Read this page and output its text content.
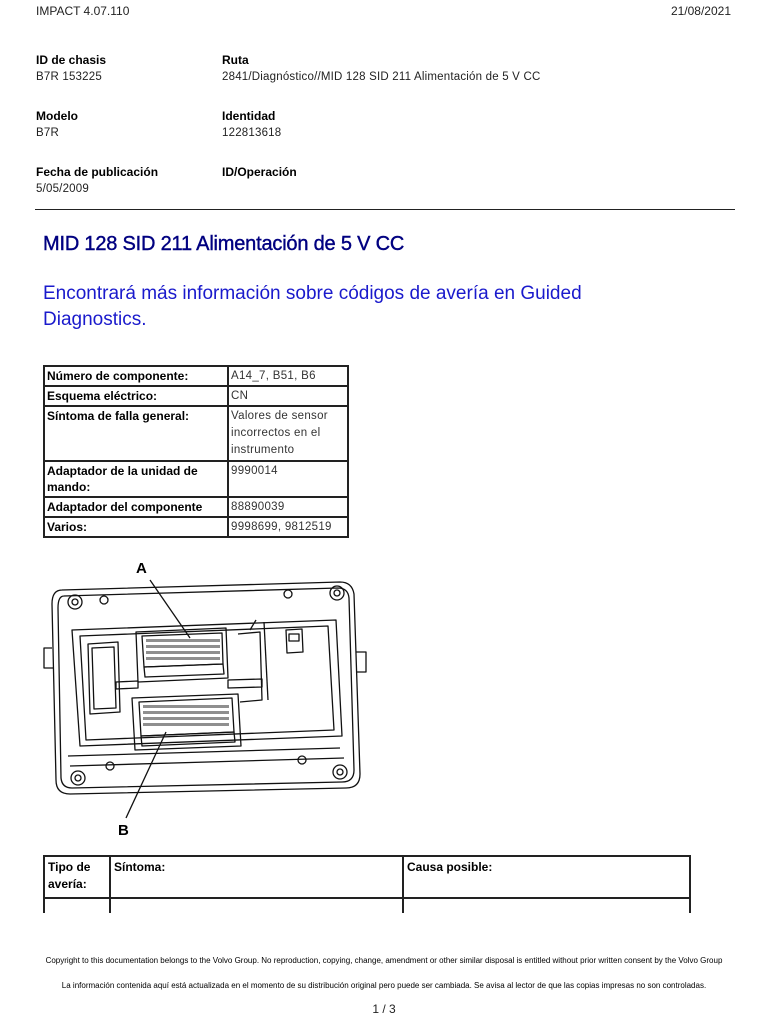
IMPACT 4.07.110	21/08/2021
ID de chasis
B7R 153225
Ruta
2841/Diagnóstico//MID 128 SID 211 Alimentación de 5 V CC
Modelo
B7R
Identidad
122813618
Fecha de publicación
5/05/2009
ID/Operación
MID 128 SID 211 Alimentación de 5 V CC
Encontrará más información sobre códigos de avería en Guided Diagnostics.
Número de componente:	A14_7, B51, B6
Esquema eléctrico:	CN
Síntoma de falla general:	Valores de sensor incorrectos en el instrumento
Adaptador de la unidad de mando:	9990014
Adaptador del componente	88890039
Varios:	9998699, 9812519
A
B
Tipo de avería:	Síntoma:	Causa posible:

Copyright to this documentation belongs to the Volvo Group. No reproduction, copying, change, amendment or other similar disposal is entitled without prior written consent by the Volvo Group
La información contenida aquí está actualizada en el momento de su distribución original pero puede ser cambiada. Se avisa al lector de que las copias impresas no son controladas.
1 / 3
